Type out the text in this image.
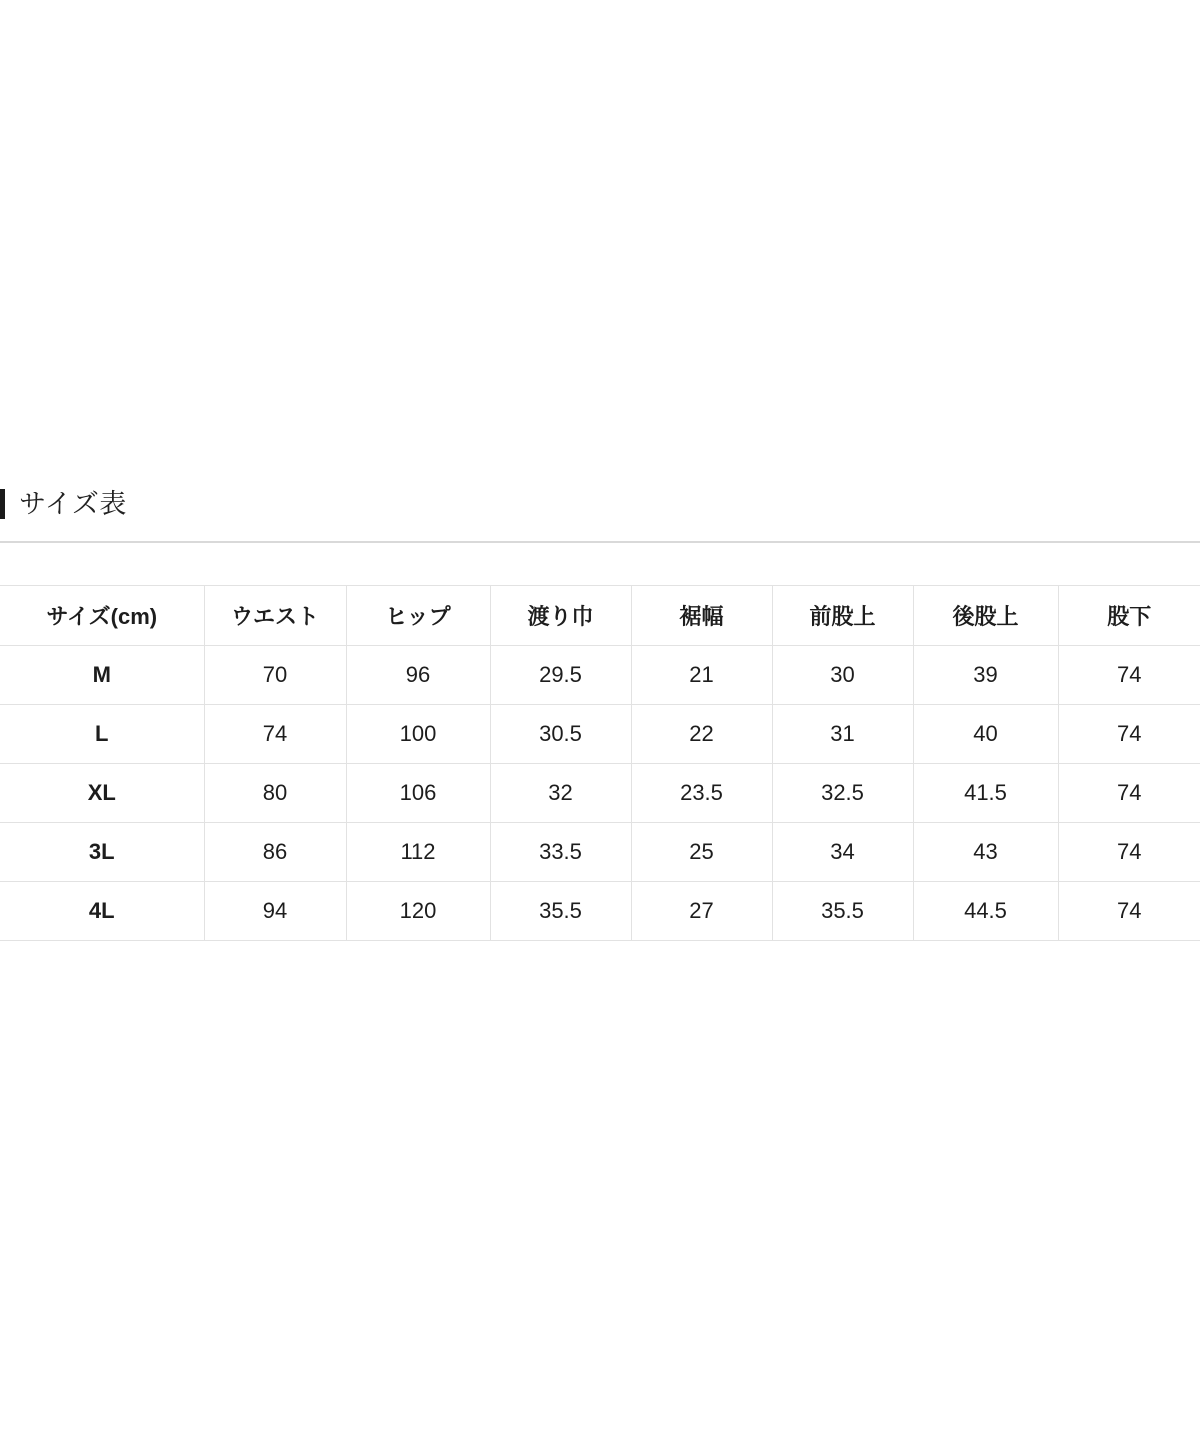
サイズ表
サイズ(cm)	ウエスト	ヒップ	渡り巾	裾幅	前股上	後股上	股下
M	70	96	29.5	21	30	39	74
L	74	100	30.5	22	31	40	74
XL	80	106	32	23.5	32.5	41.5	74
3L	86	112	33.5	25	34	43	74
4L	94	120	35.5	27	35.5	44.5	74
